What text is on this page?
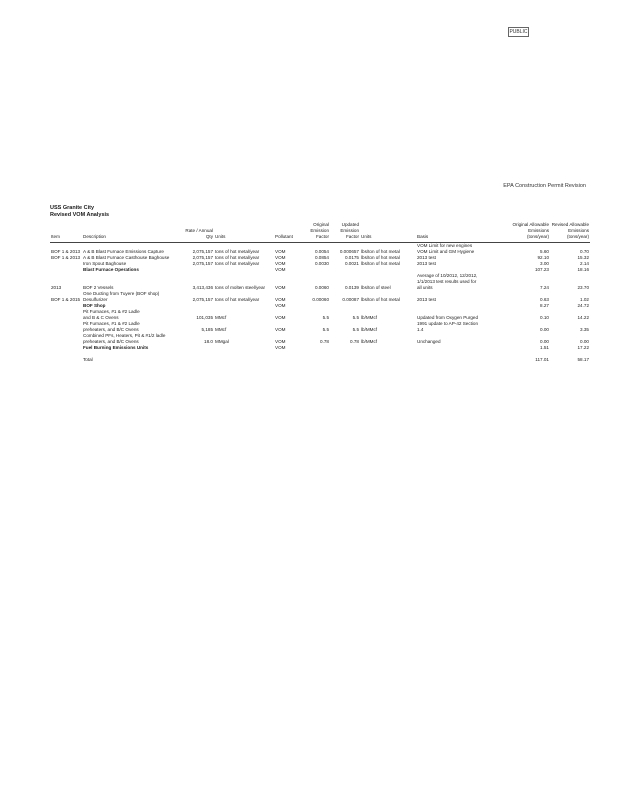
PUBLIC
EPA Construction Permit Revision
USS Granite City
Revised VOM Analysis
Item	Description	Rate / Annual Qty	Units	Pollutant	Original Emission Factor	Updated Emission Factor	Units	Basis	Original Allowable Emissions (tons/year)	Revised Allowable Emissions (tons/year)
								VOM Limit for new engines		
BOF 1 & 2013	A & B Blast Furnace Emissions Capture	2,075,157	tons of hot metal/year	VOM	0.0054	0.000657	lbs/ton of hot metal	VOM Limit and GM Hygiene	5.60	0.70
BOF 1 & 2013	A & B Blast Furnace Casthouse Baghouse	2,075,157	tons of hot metal/year	VOM	0.0854	0.0175	lbs/ton of hot metal	2013 test	92.10	15.32
	Iron Spout Baghouse	2,075,157	tons of hot metal/year	VOM	0.0030	0.0021	lbs/ton of hot metal	2013 test	3.00	2.14
	Blast Furnace Operations			VOM					107.23	18.16
								Average of 10/2012, 12/2012,		
								1/1/2013 test results used for		
2013	BOF 2 Vessels	3,413,436	tons of molten steel/year	VOM	0.0060	0.0139	lbs/ton of steel	all units	7.24	23.70
	One Ducting from Tuyere (BOF shop)									
BOF 1 & 2015	Desulfurizer	2,075,157	tons of hot metal/year	VOM	0.00060	0.00087	lbs/ton of hot metal	2013 test	0.63	1.02
	BOF Shop			VOM					8.27	24.72
	Pit Furnaces, #1 & #2 Ladle									
	and B & C Ovens	101,035	MMcf	VOM	5.5	5.5	lb/MMcf	Updated from Oxygen Purged	0.10	14.22
	Pit Furnaces, #1 & #2 Ladle							1991 update to AP-42 Section		
	preheaters, and B/C Ovens	5,185	MMcf	VOM	5.5	5.5	lb/MMcf	1.4	0.00	3.35
	Combined PFs, Heaters, Pit & #1/2 ladle									
	preheaters, and B/C Ovens	18.0	MMgal	VOM	0.78	0.78	lb/MMcf	Unchanged	0.00	0.00
	Fuel Burning Emissions Units			VOM					1.51	17.22

	Total								117.01	58.17
